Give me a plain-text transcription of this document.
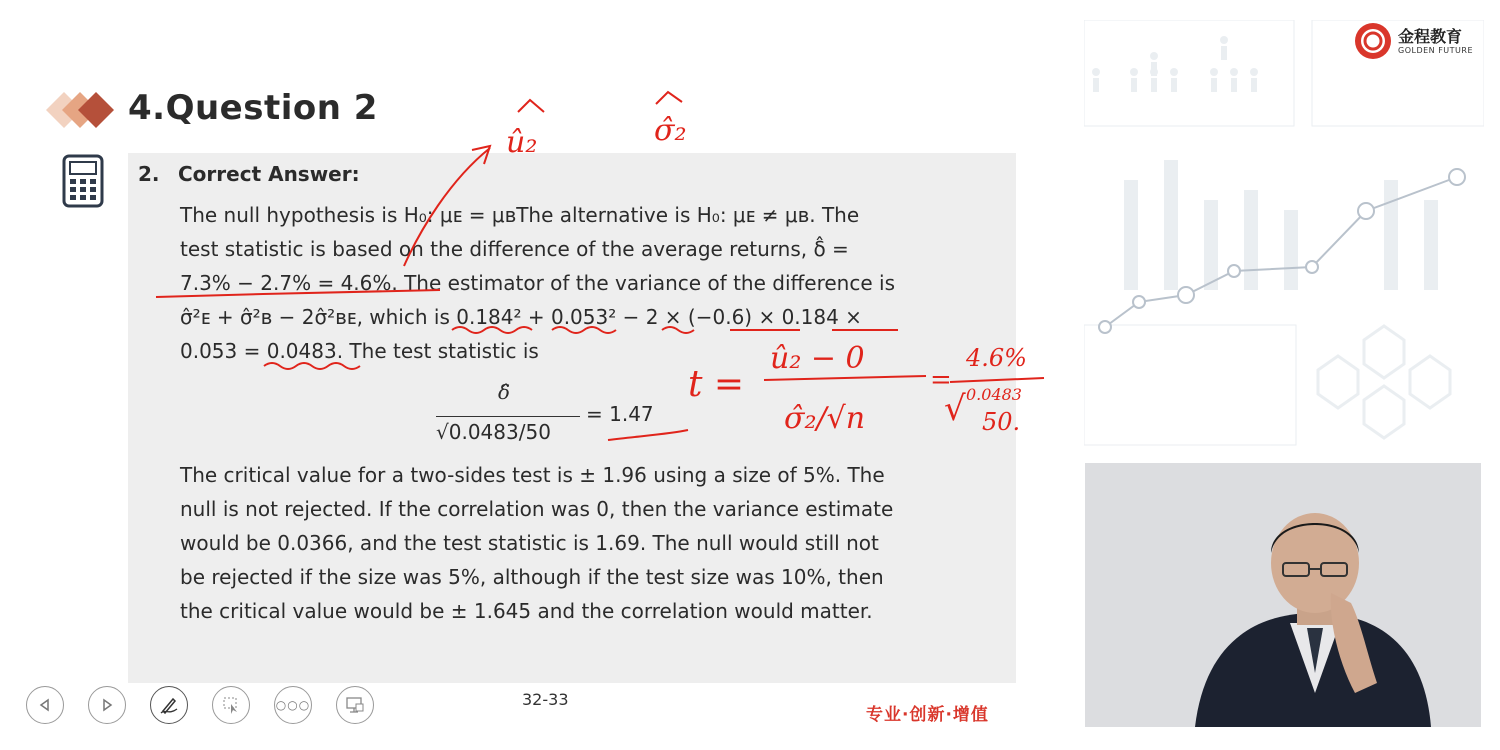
4.Question 2
2. Correct Answer:
The null hypothesis is H₀: μᴇ = μʙThe alternative is H₀: μᴇ ≠ μʙ. The
test statistic is based on the difference of the average returns, δ̂ =
7.3% − 2.7% = 4.6%. The estimator of the variance of the difference is
σ̂²ᴇ + σ̂²ʙ − 2σ̂²ʙᴇ, which is 0.184² + 0.053² − 2 × (−0.6) × 0.184 ×
0.053 = 0.0483. The test statistic is
δ̂
√0.0483/50
= 1.47
The critical value for a two-sides test is ± 1.96 using a size of 5%. The
null is not rejected. If the correlation was 0, then the variance estimate
would be 0.0366, and the test statistic is 1.69. The null would still not
be rejected if the size was 5%, although if the test size was 10%, then
the critical value would be ± 1.645 and the correlation would matter.
○○○	32-33
专业·创新·增值
金程教育
GOLDEN FUTURE
û₂	σ̂₂
t =
û₂ − 0
σ̂₂/√n
=
4.6%
0.0483
50.
√
